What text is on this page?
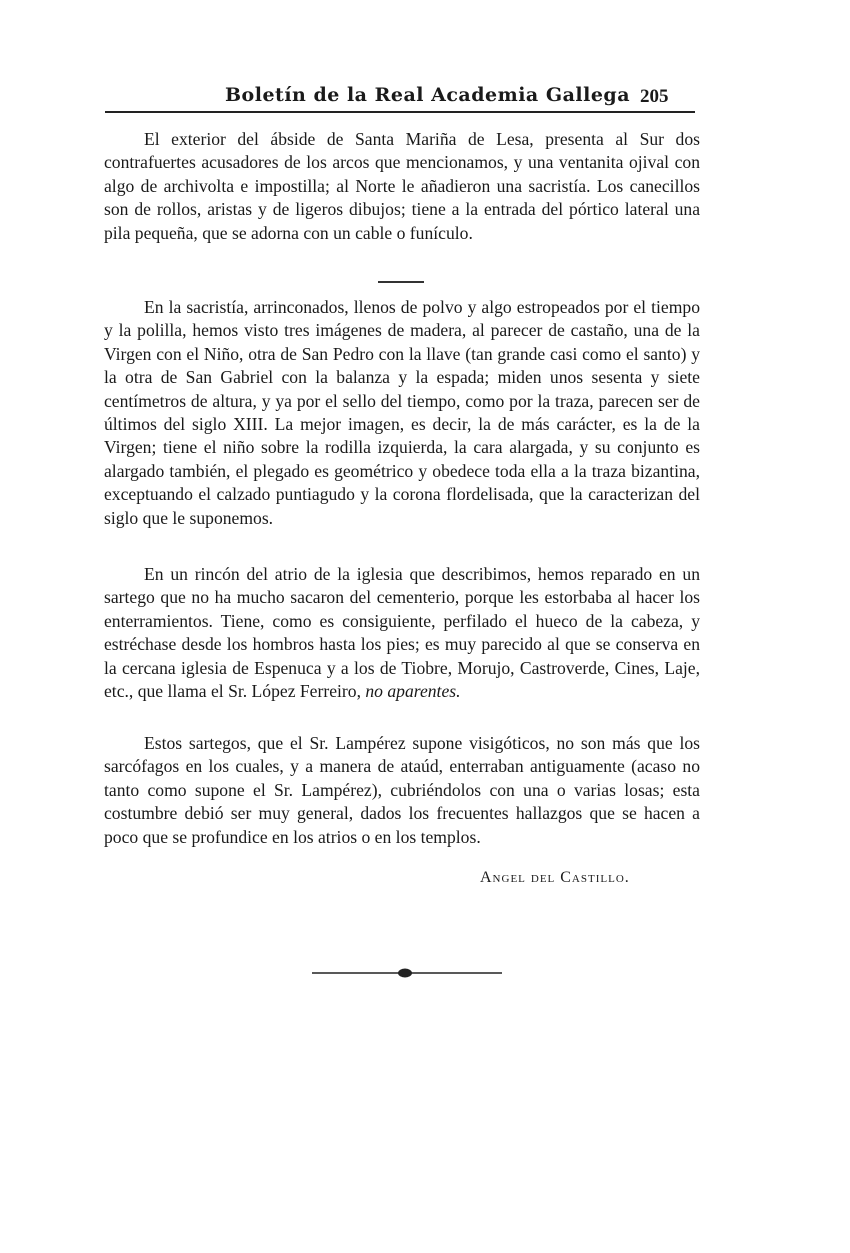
Boletín de la Real Academia Gallega 205

El exterior del ábside de Santa Mariña de Lesa, presenta al Sur dos contrafuertes acusadores de los arcos que mencionamos, y una ventanita ojival con algo de archivolta e impostilla; al Norte le añadieron una sacristía. Los canecillos son de rollos, aristas y de ligeros dibujos; tiene a la entrada del pórtico lateral una pila pequeña, que se adorna con un cable o funículo.

En la sacristía, arrinconados, llenos de polvo y algo estropeados por el tiempo y la polilla, hemos visto tres imágenes de madera, al parecer de castaño, una de la Virgen con el Niño, otra de San Pedro con la llave (tan grande casi como el santo) y la otra de San Gabriel con la balanza y la espada; miden unos sesenta y siete centímetros de altura, y ya por el sello del tiempo, como por la traza, parecen ser de últimos del siglo XIII. La mejor imagen, es decir, la de más carácter, es la de la Virgen; tiene el niño sobre la rodilla izquierda, la cara alargada, y su conjunto es alargado también, el plegado es geométrico y obedece toda ella a la traza bizantina, exceptuando el calzado puntiagudo y la corona flordelisada, que la caracterizan del siglo que le suponemos.

En un rincón del atrio de la iglesia que describimos, hemos reparado en un sartego que no ha mucho sacaron del cementerio, porque les estorbaba al hacer los enterramientos. Tiene, como es consiguiente, perfilado el hueco de la cabeza, y estréchase desde los hombros hasta los pies; es muy parecido al que se conserva en la cercana iglesia de Espenuca y a los de Tiobre, Morujo, Castroverde, Cines, Laje, etc., que llama el Sr. López Ferreiro, no aparentes.

Estos sartegos, que el Sr. Lampérez supone visigóticos, no son más que los sarcófagos en los cuales, y a manera de ataúd, enterraban antiguamente (acaso no tanto como supone el Sr. Lampérez), cubriéndolos con una o varias losas; esta costumbre debió ser muy general, dados los frecuentes hallazgos que se hacen a poco que se profundice en los atrios o en los templos.

Angel del Castillo.
